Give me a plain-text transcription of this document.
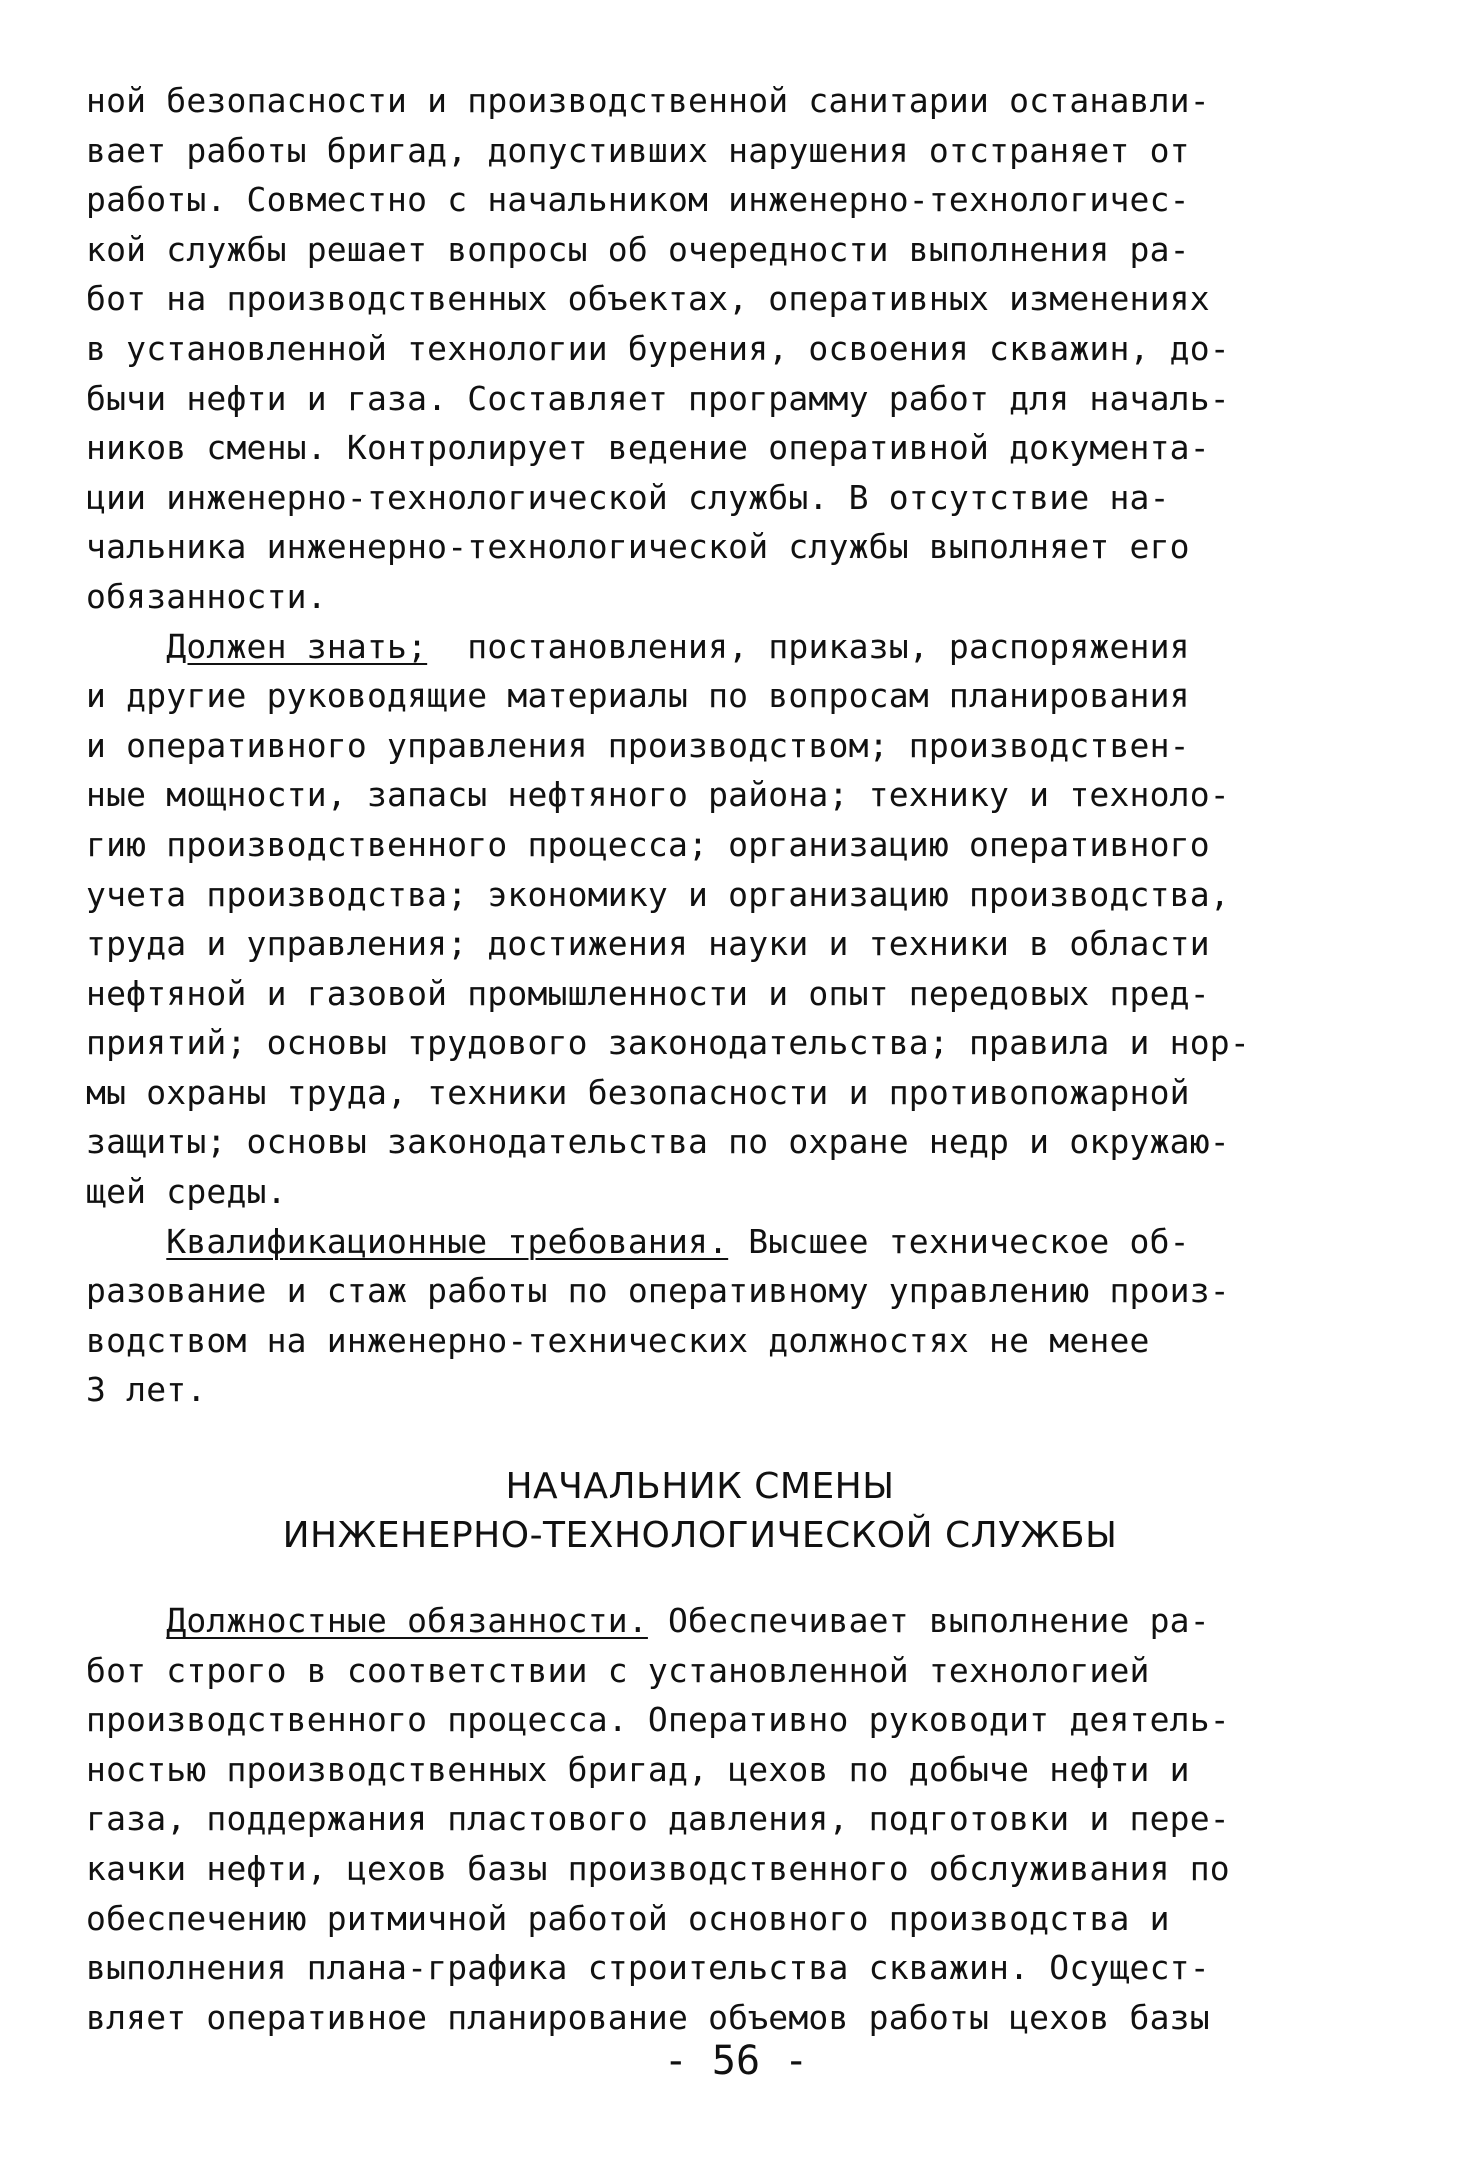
ной безопасности и производственной санитарии останавли-
вает работы бригад, допустивших нарушения отстраняет от
работы. Совместно с начальником инженерно-технологичес-
кой службы решает вопросы об очередности выполнения ра-
бот на производственных объектах, оперативных изменениях
в установленной технологии бурения, освоения скважин, до-
бычи нефти и газа. Составляет программу работ для началь-
ников смены. Контролирует ведение оперативной документа-
ции инженерно-технологической службы. В отсутствие на-
чальника инженерно-технологической службы выполняет его
обязанности.
Должен знать;  постановления, приказы, распоряжения
и другие руководящие материалы по вопросам планирования
и оперативного управления производством; производствен-
ные мощности, запасы нефтяного района; технику и техноло-
гию производственного процесса; организацию оперативного
учета производства; экономику и организацию производства,
труда и управления; достижения науки и техники в области
нефтяной и газовой промышленности и опыт передовых пред-
приятий; основы трудового законодательства; правила и нор-
мы охраны труда, техники безопасности и противопожарной
защиты; основы законодательства по охране недр и окружаю-
щей среды.
Квалификационные требования. Высшее техническое об-
разование и стаж работы по оперативному управлению произ-
водством на инженерно-технических должностях не менее
3 лет.
НАЧАЛЬНИК СМЕНЫ
ИНЖЕНЕРНО-ТЕХНОЛОГИЧЕСКОЙ СЛУЖБЫ
Должностные обязанности. Обеспечивает выполнение ра-
бот строго в соответствии с установленной технологией
производственного процесса. Оперативно руководит деятель-
ностью производственных бригад, цехов по добыче нефти и
газа, поддержания пластового давления, подготовки и пере-
качки нефти, цехов базы производственного обслуживания по
обеспечению ритмичной работой основного производства и
выполнения плана-графика строительства скважин. Осущест-
вляет оперативное планирование объемов работы цехов базы
- 56 -
